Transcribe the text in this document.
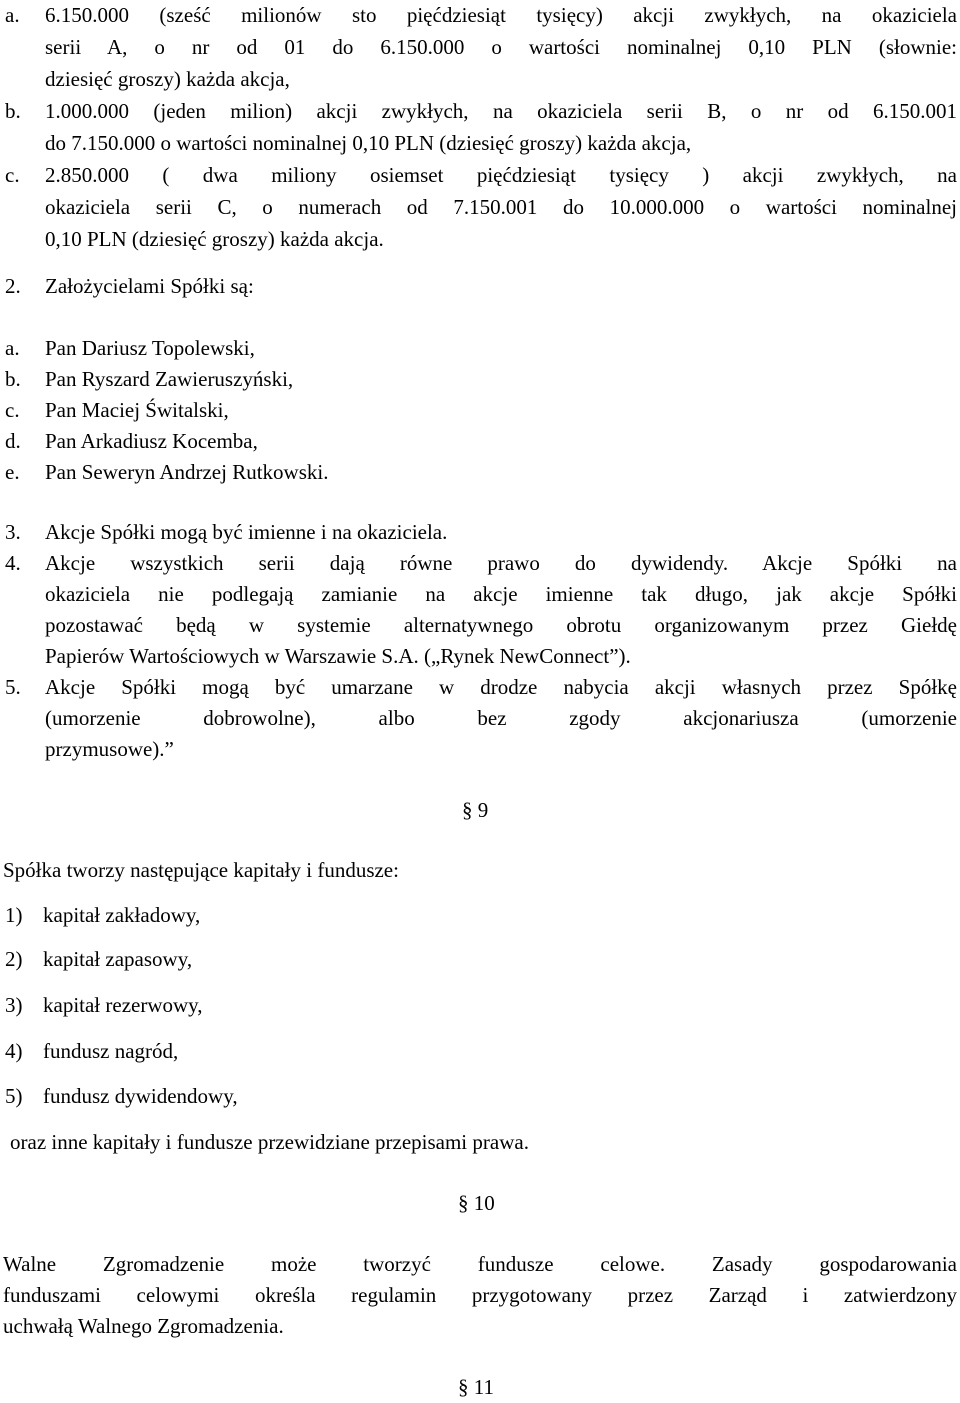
a. 6.150.000 (sześć milionów sto pięćdziesiąt tysięcy) akcji zwykłych, na okaziciela
serii A, o nr od 01 do 6.150.000 o wartości nominalnej 0,10 PLN (słownie:
dziesięć groszy) każda akcja,
b. 1.000.000 (jeden milion) akcji zwykłych, na okaziciela serii B, o nr od 6.150.001
do 7.150.000 o wartości nominalnej 0,10 PLN (dziesięć groszy) każda akcja,
c. 2.850.000 ( dwa miliony osiemset pięćdziesiąt tysięcy ) akcji zwykłych, na
okaziciela serii C, o numerach od 7.150.001 do 10.000.000 o wartości nominalnej
0,10 PLN (dziesięć groszy) każda akcja.
2. Założycielami Spółki są:
a. Pan Dariusz Topolewski,
b. Pan Ryszard Zawieruszyński,
c. Pan Maciej Świtalski,
d. Pan Arkadiusz Kocemba,
e. Pan Seweryn Andrzej Rutkowski.
3. Akcje Spółki mogą być imienne i na okaziciela.
4. Akcje wszystkich serii dają równe prawo do dywidendy. Akcje Spółki na
okaziciela nie podlegają zamianie na akcje imienne tak długo, jak akcje Spółki
pozostawać będą w systemie alternatywnego obrotu organizowanym przez Giełdę
Papierów Wartościowych w Warszawie S.A. („Rynek NewConnect”).
5. Akcje Spółki mogą być umarzane w drodze nabycia akcji własnych przez Spółkę
(umorzenie dobrowolne), albo bez zgody akcjonariusza (umorzenie
przymusowe).”
§ 9
Spółka tworzy następujące kapitały i fundusze:
1) kapitał zakładowy,
2) kapitał zapasowy,
3) kapitał rezerwowy,
4) fundusz nagród,
5) fundusz dywidendowy,
oraz inne kapitały i fundusze przewidziane przepisami prawa.
§ 10
Walne Zgromadzenie może tworzyć fundusze celowe. Zasady gospodarowania
funduszami celowymi określa regulamin przygotowany przez Zarząd i zatwierdzony
uchwałą Walnego Zgromadzenia.
§ 11
